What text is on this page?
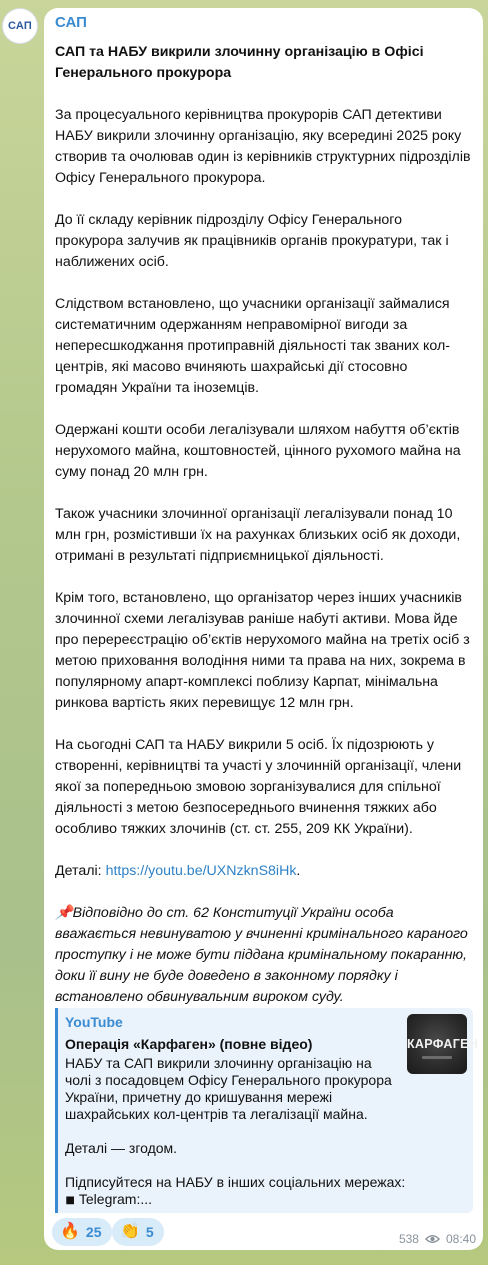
САП САП

САП та НАБУ викрили злочинну організацію в Офісі Генерального прокурора

За процесуального керівництва прокурорів САП детективи НАБУ викрили злочинну організацію, яку всередині 2025 року створив та очолював один із керівників структурних підрозділів Офісу Генерального прокурора.

До її складу керівник підрозділу Офісу Генерального прокурора залучив як працівників органів прокуратури, так і наближених осіб.

Слідством встановлено, що учасники організації займалися систематичним одержанням неправомірної вигоди за непереcшкоджання протиправній діяльності так званих кол-центрів, які масово вчиняють шахрайські дії стосовно громадян України та іноземців.

Одержані кошти особи легалізували шляхом набуття об’єктів нерухомого майна, коштовностей, цінного рухомого майна на суму понад 20 млн грн.

Також учасники злочинної організації легалізували понад 10 млн грн, розмістивши їх на рахунках близьких осіб як доходи, отримані в результаті підприємницької діяльності.

Крім того, встановлено, що організатор через інших учасників злочинної схеми легалізував раніше набуті активи. Мова йде про перереєстрацію об’єктів нерухомого майна на третіх осіб з метою приховання володіння ними та права на них, зокрема в популярному апарт-комплексі поблизу Карпат, мінімальна ринкова вартість яких перевищує 12 млн грн.

На сьогодні САП та НАБУ викрили 5 осіб. Їх підозрюють у створенні, керівництві та участі у злочинній організації, члени якої за попередньою змовою зорганізувалися для спільної діяльності з метою безпосереднього вчинення тяжких або особливо тяжких злочинів (ст. ст. 255, 209 КК України).

Деталі: https://youtu.be/UXNzknS8iHk.

📌Відповідно до ст. 62 Конституції України особа вважається невинуватою у вчиненні кримінального караного проступку і не може бути піддана кримінальному покаранню, доки її вину не буде доведено в законному порядку і встановлено обвинувальним вироком суду.

YouTube
Операція «Карфаген» (повне відео)

НАБУ та САП викрили злочинну організацію на чолі з посадовцем Офісу Генерального прокурора України, причетну до кришування мережі шахрайських кол-центрів та легалізації майна.

Деталі — згодом.

Підписуйтеся на НАБУ в інших соціальних мережах:

◾ Telegram:...

КАРФАГЕН
🔥 25 👏 5	538 08:40
